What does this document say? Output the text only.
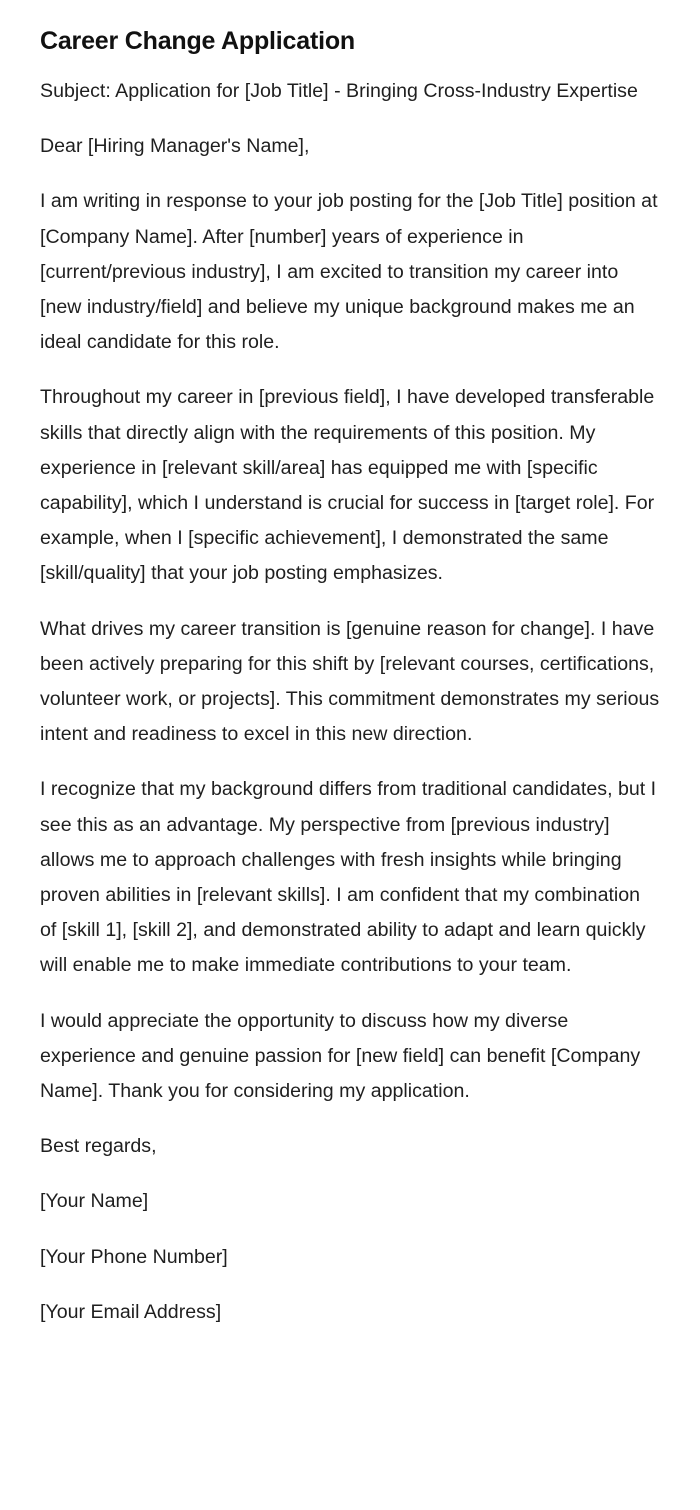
Career Change Application

Subject: Application for [Job Title] - Bringing Cross-Industry Expertise

Dear [Hiring Manager's Name],

I am writing in response to your job posting for the [Job Title] position at [Company Name]. After [number] years of experience in [current/previous industry], I am excited to transition my career into [new industry/field] and believe my unique background makes me an ideal candidate for this role.

Throughout my career in [previous field], I have developed transferable skills that directly align with the requirements of this position. My experience in [relevant skill/area] has equipped me with [specific capability], which I understand is crucial for success in [target role]. For example, when I [specific achievement], I demonstrated the same [skill/quality] that your job posting emphasizes.

What drives my career transition is [genuine reason for change]. I have been actively preparing for this shift by [relevant courses, certifications, volunteer work, or projects]. This commitment demonstrates my serious intent and readiness to excel in this new direction.

I recognize that my background differs from traditional candidates, but I see this as an advantage. My perspective from [previous industry] allows me to approach challenges with fresh insights while bringing proven abilities in [relevant skills]. I am confident that my combination of [skill 1], [skill 2], and demonstrated ability to adapt and learn quickly will enable me to make immediate contributions to your team.

I would appreciate the opportunity to discuss how my diverse experience and genuine passion for [new field] can benefit [Company Name]. Thank you for considering my application.

Best regards,

[Your Name]

[Your Phone Number]

[Your Email Address]
